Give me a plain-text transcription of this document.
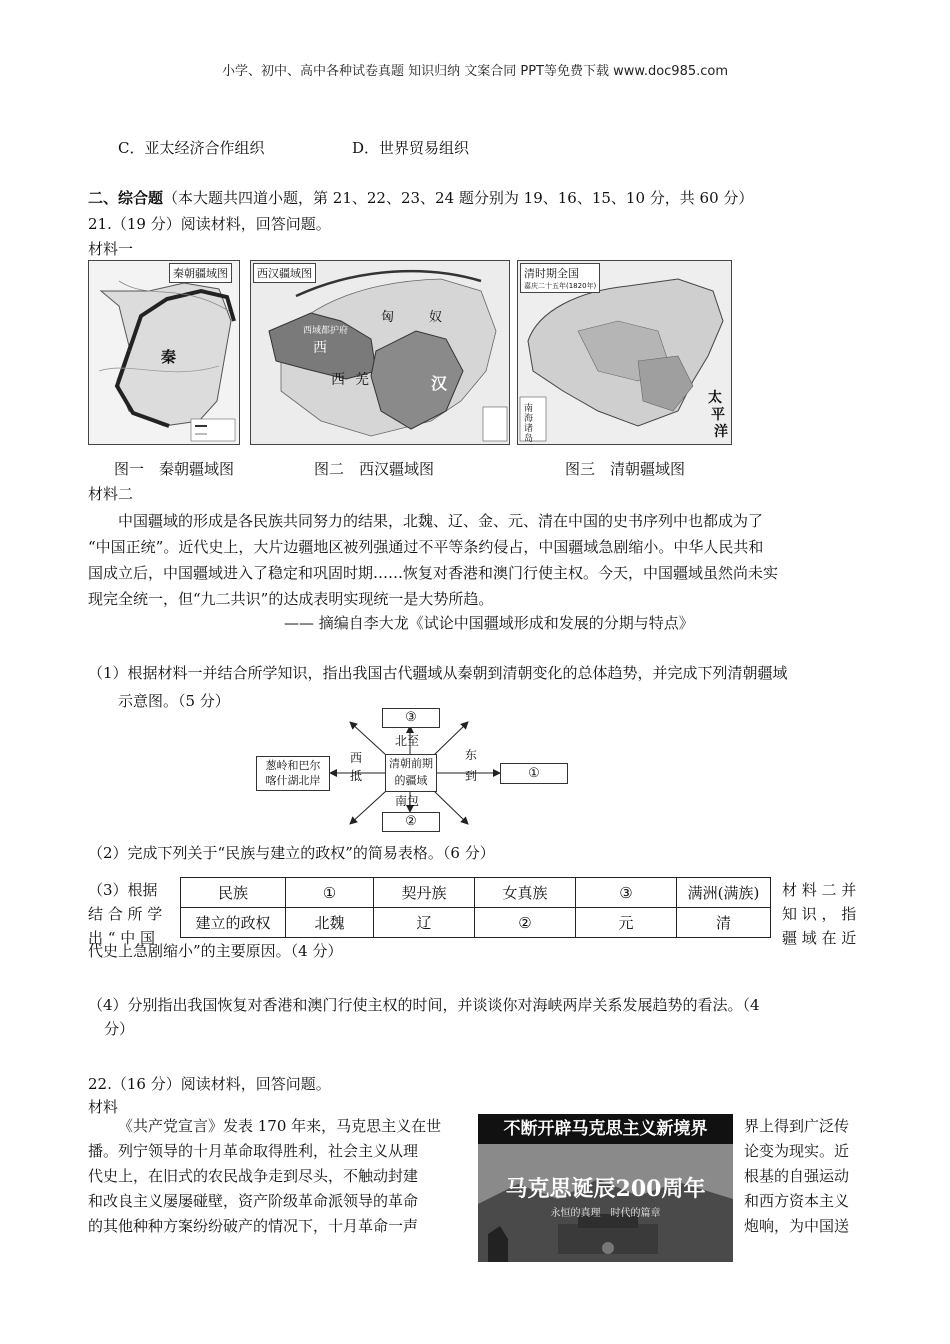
小学、初中、高中各种试卷真题 知识归纳 文案合同 PPT等免费下载 www.doc985.com
C．亚太经济合作组织	D．世界贸易组织
二、综合题（本大题共四道小题，第 21、22、23、24 题分别为 19、16、15、10 分，共 60 分）
21.（19 分）阅读材料，回答问题。
材料一
秦朝疆域图
秦
西汉疆域图
匈	奴
西域都护府
西
西 羌	汉
清时期全国
嘉庆二十五年(1820年)
太
平
洋
南
海
诸
岛
图一　秦朝疆域图	图二　西汉疆域图	图三　清朝疆域图
材料二
中国疆域的形成是各民族共同努力的结果，北魏、辽、金、元、清在中国的史书序列中也都成为了
“中国正统”。近代史上，大片边疆地区被列强通过不平等条约侵占，中国疆域急剧缩小。中华人民共和
国成立后，中国疆域进入了稳定和巩固时期……恢复对香港和澳门行使主权。今天，中国疆域虽然尚未实
现完全统一，但“九二共识”的达成表明实现统一是大势所趋。
—— 摘编自李大龙《试论中国疆域形成和发展的分期与特点》
（1）根据材料一并结合所学知识，指出我国古代疆域从秦朝到清朝变化的总体趋势，并完成下列清朝疆域
示意图。（5 分）
③
②
①
葱岭和巴尔
喀什湖北岸
清朝前期
的疆域
北至
南包
西
抵
东
到
（2）完成下列关于“民族与建立的政权”的简易表格。（6 分）
（3）根据
结 合 所 学
出 “ 中 国
材 料 二 并
知 识 ， 指
疆 域 在 近
民族	①	契丹族	女真族	③	满洲(满族)
建立的政权	北魏	辽	②	元	清
代史上急剧缩小”的主要原因。（4 分）
（4）分别指出我国恢复对香港和澳门行使主权的时间，并谈谈你对海峡两岸关系发展趋势的看法。（4
分）
22.（16 分）阅读材料，回答问题。
材料
《共产党宣言》发表 170 年来，马克思主义在世
播。列宁领导的十月革命取得胜利，社会主义从理
代史上，在旧式的农民战争走到尽头，不触动封建
和改良主义屡屡碰壁，资产阶级革命派领导的革命
的其他种种方案纷纷破产的情况下，十月革命一声
界上得到广泛传
论变为现实。近
根基的自强运动
和西方资本主义
炮响，为中国送
不断开辟马克思主义新境界
马克思诞辰200周年
永恒的真理　时代的篇章
